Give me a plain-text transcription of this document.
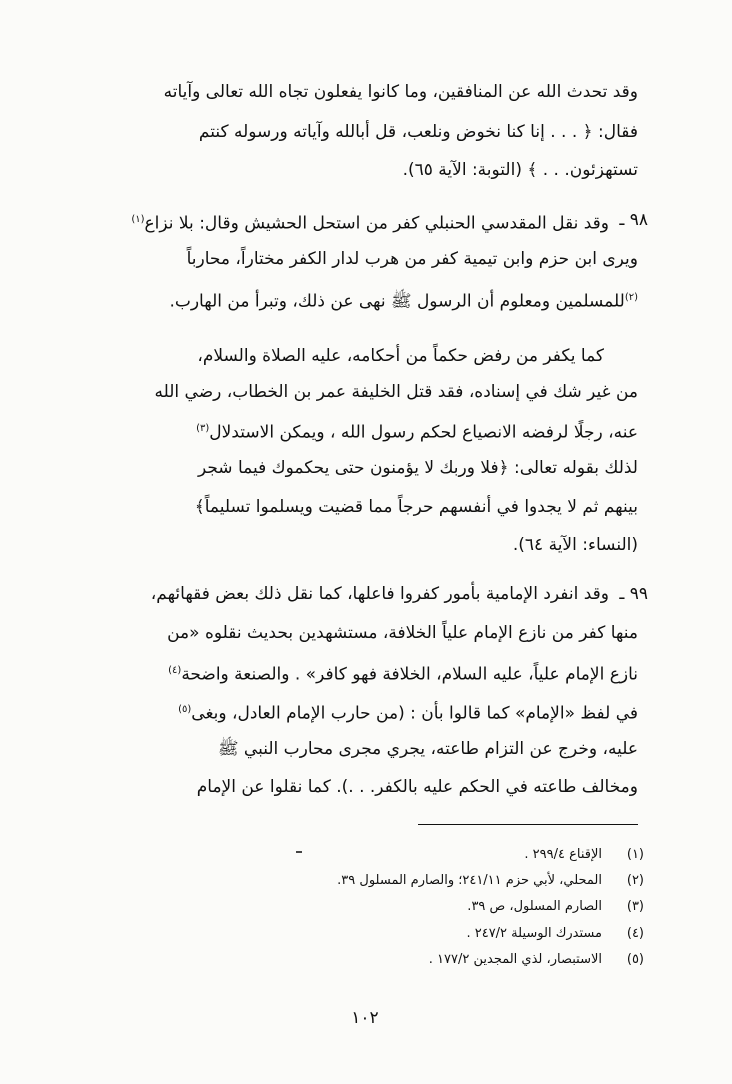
وقد تحدث الله عن المنافقين، وما كانوا يفعلون تجاه الله تعالى وآياته
فقال: ﴿ . . . إنا كنا نخوض ونلعب، قل أبالله وآياته ورسوله كنتم
تستهزئون. . . ﴾ (التوبة: الآية ٦٥).
٩٨ ـ
وقد نقل المقدسي الحنبلي كفر من استحل الحشيش وقال: بلا نزاع$^{(١)}$
ويرى ابن حزم وابن تيمية كفر من هرب لدار الكفر مختاراً، محارباً
$^{(٢)}$للمسلمين ومعلوم أن الرسول ﷺ نهى عن ذلك، وتبرأ من الهارب.
كما يكفر من رفض حكماً من أحكامه، عليه الصلاة والسلام،
من غير شك في إسناده، فقد قتل الخليفة عمر بن الخطاب، رضي الله
عنه، رجلًا لرفضه الانصياع لحكم رسول الله ، ويمكن الاستدلال$^{(٣)}$
لذلك بقوله تعالى: ﴿فلا وربك لا يؤمنون حتى يحكموك فيما شجر
بينهم ثم لا يجدوا في أنفسهم حرجاً مما قضيت ويسلموا تسليماً﴾
(النساء: الآية ٦٤).
٩٩ ـ
وقد انفرد الإمامية بأمور كفروا فاعلها، كما نقل ذلك بعض فقهائهم،
منها كفر من نازع الإمام علياً الخلافة، مستشهدين بحديث نقلوه «من
نازع الإمام علياً، عليه السلام، الخلافة فهو كافر» . والصنعة واضحة$^{(٤)}$
في لفظ «الإمام» كما قالوا بأن : (من حارب الإمام العادل، وبغى$^{(٥)}$
عليه، وخرج عن التزام طاعته، يجري مجرى محارب النبي ﷺ
ومخالف طاعته في الحكم عليه بالكفر. . .). كما نقلوا عن الإمام
(١)
الإقناع ٢٩٩/٤ .
(٢)
المحلي، لأبي حزم ٢٤١/١١؛ والصارم المسلول ٣٩.
(٣)
الصارم المسلول، ص ٣٩.
(٤)
مستدرك الوسيلة ٢٤٧/٢ .
(٥)
الاستبصار، لذي المجدين ١٧٧/٢ .
١٠٢
